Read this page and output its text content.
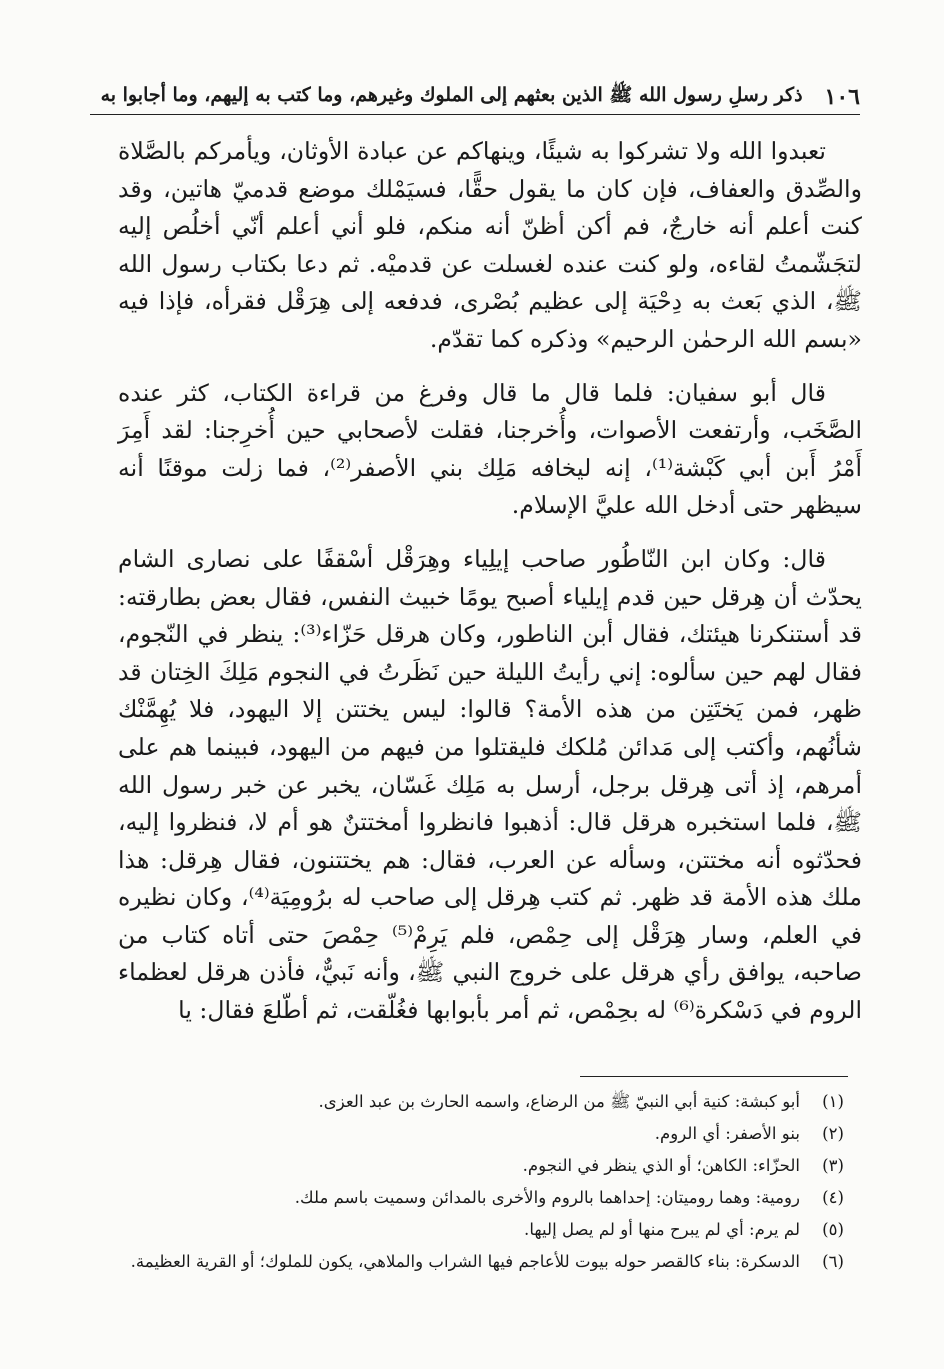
١٠٦
ذكر رسلِ رسول الله ﷺ الذين بعثهم إلى الملوك وغيرهم، وما كتب به إليهم، وما أجابوا به

تعبدوا الله ولا تشركوا به شيئًا، وينهاكم عن عبادة الأوثان، ويأمركم بالصَّلاة والصِّدق والعفاف، فإن كان ما يقول حقًّا، فسيَمْلك موضع قدميّ هاتين، وقد كنت أعلم أنه خارجٌ، فم أكن أظنّ أنه منكم، فلو أني أعلم أنّي أخلُص إليه لتجَشّمتُ لقاءه، ولو كنت عنده لغسلت عن قدميْه. ثم دعا بكتاب رسول الله ﷺ، الذي بَعث به دِحْيَة إلى عظيم بُصْرى، فدفعه إلى هِرَقْل فقرأه، فإذا فيه «بسم الله الرحمٰن الرحيم» وذكره كما تقدّم.

قال أبو سفيان: فلما قال ما قال وفرغ من قراءة الكتاب، كثر عنده الصَّخَب، وأرتفعت الأصوات، وأُخرجنا، فقلت لأصحابي حين أُخرِجنا: لقد أَمِرَ أَمْرُ أَبن أبي كَبْشة⁽¹⁾، إنه ليخافه مَلِك بني الأصفر⁽²⁾، فما زلت موقنًا أنه سيظهر حتى أدخل الله عليَّ الإسلام.

قال: وكان ابن النّاطُور صاحب إيلِياء وهِرَقْل أسْقفًا على نصارى الشام يحدّث أن هِرقل حين قدم إيلياء أصبح يومًا خبيث النفس، فقال بعض بطارقته: قد أستنكرنا هيئتك، فقال أبن الناطور، وكان هرقل حَزّاء⁽³⁾: ينظر في النّجوم، فقال لهم حين سألوه: إني رأيتُ الليلة حين نَظَرتُ في النجوم مَلِكَ الخِتان قد ظهر، فمن يَختَتِن من هذه الأمة؟ قالوا: ليس يختتن إلا اليهود، فلا يُهِمَّنْك شأنُهم، وأكتب إلى مَدائن مُلكك فليقتلوا من فيهم من اليهود، فبينما هم على أمرهم، إذ أتى هِرقل برجل، أرسل به مَلِك غَسّان، يخبر عن خبر رسول الله ﷺ، فلما استخبره هرقل قال: أذهبوا فانظروا أمختتنٌ هو أم لا، فنظروا إليه، فحدّثوه أنه مختتن، وسأله عن العرب، فقال: هم يختتنون، فقال هِرقل: هذا ملك هذه الأمة قد ظهر. ثم كتب هِرقل إلى صاحب له برُومِيَة⁽⁴⁾، وكان نظيره في العلم، وسار هِرَقْل إلى حِمْص، فلم يَرِمْ⁽⁵⁾ حِمْصَ حتى أتاه كتاب من صاحبه، يوافق رأي هرقل على خروج النبي ﷺ، وأنه نَبيٌّ، فأذن هرقل لعظماء الروم في دَسْكرة⁽⁶⁾ له بحِمْص، ثم أمر بأبوابها فغُلّقت، ثم أطّلعَ فقال: يا

(١)
أبو كبشة: كنية أبي النبيّ ﷺ من الرضاع، واسمه الحارث بن عبد العزى.
(٢)
بنو الأصفر: أي الروم.
(٣)
الحزّاء: الكاهن؛ أو الذي ينظر في النجوم.
(٤)
رومية: وهما روميتان: إحداهما بالروم والأخرى بالمدائن وسميت باسم ملك.
(٥)
لم يرم: أي لم يبرح منها أو لم يصل إليها.
(٦)
الدسكرة: بناء كالقصر حوله بيوت للأعاجم فيها الشراب والملاهي، يكون للملوك؛ أو القرية العظيمة.
